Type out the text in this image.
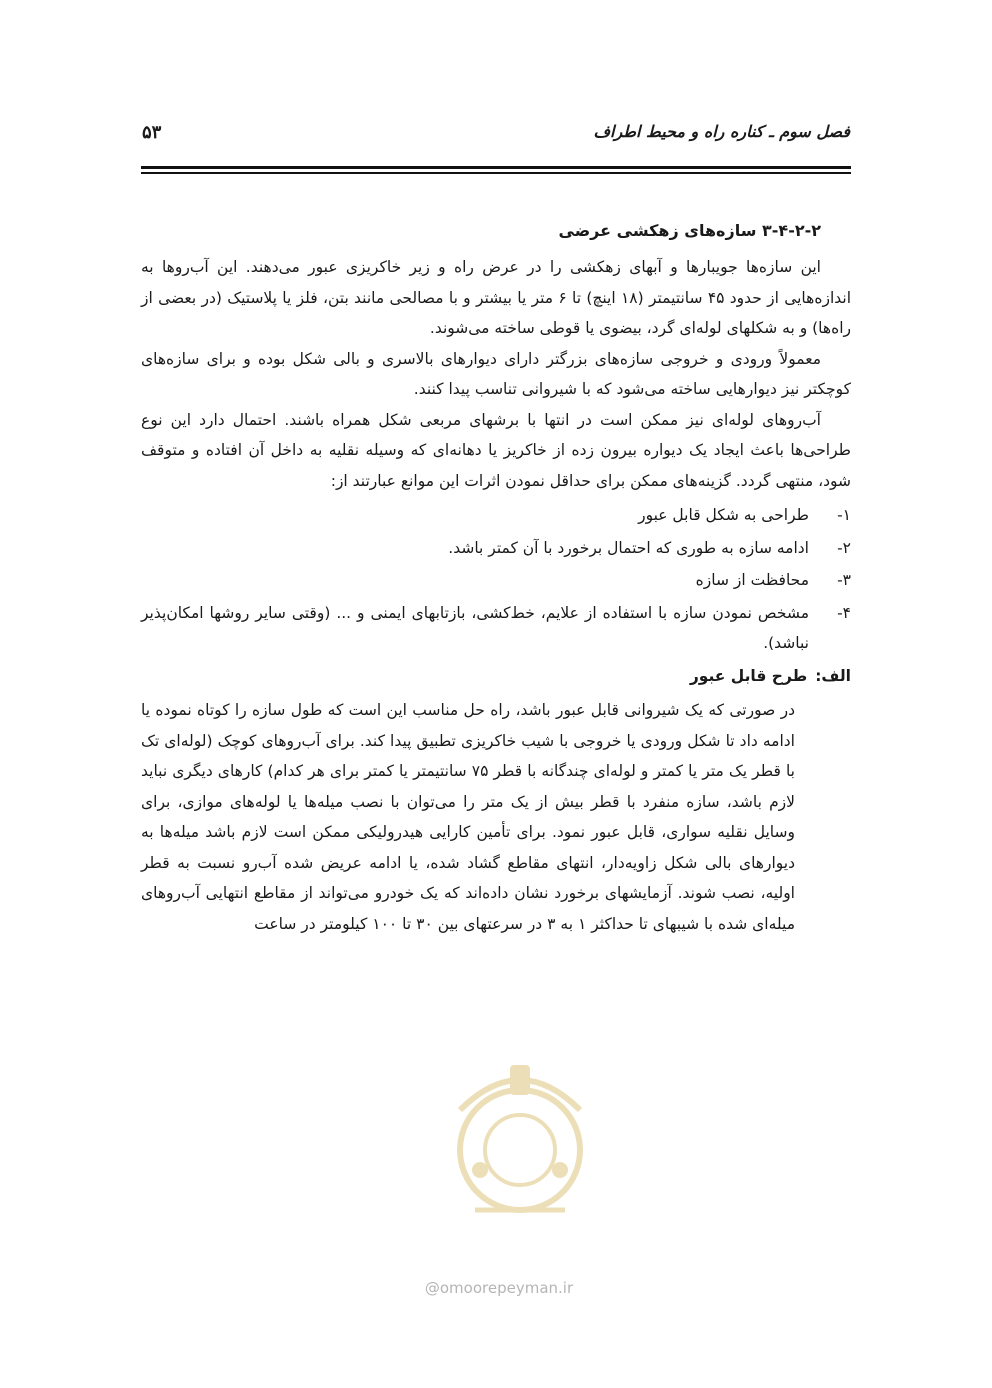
فصل سوم ـ کناره راه و محیط اطراف
۵۳
۳-۴-۲-۲ سازه‌های زهکشی عرضی

این سازه‌ها جویبارها و آبهای زهکشی را در عرض راه و زیر خاکریزی عبور می‌دهند. این آب‌روها به اندازه‌هایی از حدود ۴۵ سانتیمتر (۱۸ اینچ) تا ۶ متر یا بیشتر و با مصالحی مانند بتن، فلز یا پلاستیک (در بعضی از راه‌ها) و به شکلهای لوله‌ای گرد، بیضوی یا قوطی ساخته می‌شوند.

معمولاً ورودی و خروجی سازه‌های بزرگتر دارای دیوارهای بالاسری و بالی شکل بوده و برای سازه‌های کوچکتر نیز دیوارهایی ساخته می‌شود که با شیروانی تناسب پیدا کنند.

آب‌روهای لوله‌ای نیز ممکن است در انتها با برشهای مربعی شکل همراه باشند. احتمال دارد این نوع طراحی‌ها باعث ایجاد یک دیواره بیرون زده از خاکریز یا دهانه‌ای که وسیله نقلیه به داخل آن افتاده و متوقف شود، منتهی گردد. گزینه‌های ممکن برای حداقل نمودن اثرات این موانع عبارتند از:

۱-
طراحی به شکل قابل عبور
۲-
ادامه سازه به طوری که احتمال برخورد با آن کمتر باشد.
۳-
محافظت از سازه
۴-
مشخص نمودن سازه با استفاده از علایم، خط‌کشی، بازتابهای ایمنی و ... (وقتی سایر روشها امکان‌پذیر نباشد).
الف:طرح قابل عبور

در صورتی که یک شیروانی قابل عبور باشد، راه حل مناسب این است که طول سازه را کوتاه نموده یا ادامه داد تا شکل ورودی یا خروجی با شیب خاکریزی تطبیق پیدا کند. برای آب‌روهای کوچک (لوله‌ای تک با قطر یک متر یا کمتر و لوله‌ای چندگانه با قطر ۷۵ سانتیمتر یا کمتر برای هر کدام) کارهای دیگری نباید لازم باشد، سازه منفرد با قطر بیش از یک متر را می‌توان با نصب میله‌ها یا لوله‌های موازی، برای وسایل نقلیه سواری، قابل عبور نمود. برای تأمین کارایی هیدرولیکی ممکن است لازم باشد میله‌ها به دیوارهای بالی شکل زاویه‌دار، انتهای مقاطع گشاد شده، یا ادامه عریض شده آب‌رو نسبت به قطر اولیه، نصب شوند. آزمایشهای برخورد نشان داده‌اند که یک خودرو می‌تواند از مقاطع انتهایی آب‌روهای میله‌ای شده با شیبهای تا حداکثر ۱ به ۳ در سرعتهای بین ۳۰ تا ۱۰۰ کیلومتر در ساعت

@omoorepeyman.ir
